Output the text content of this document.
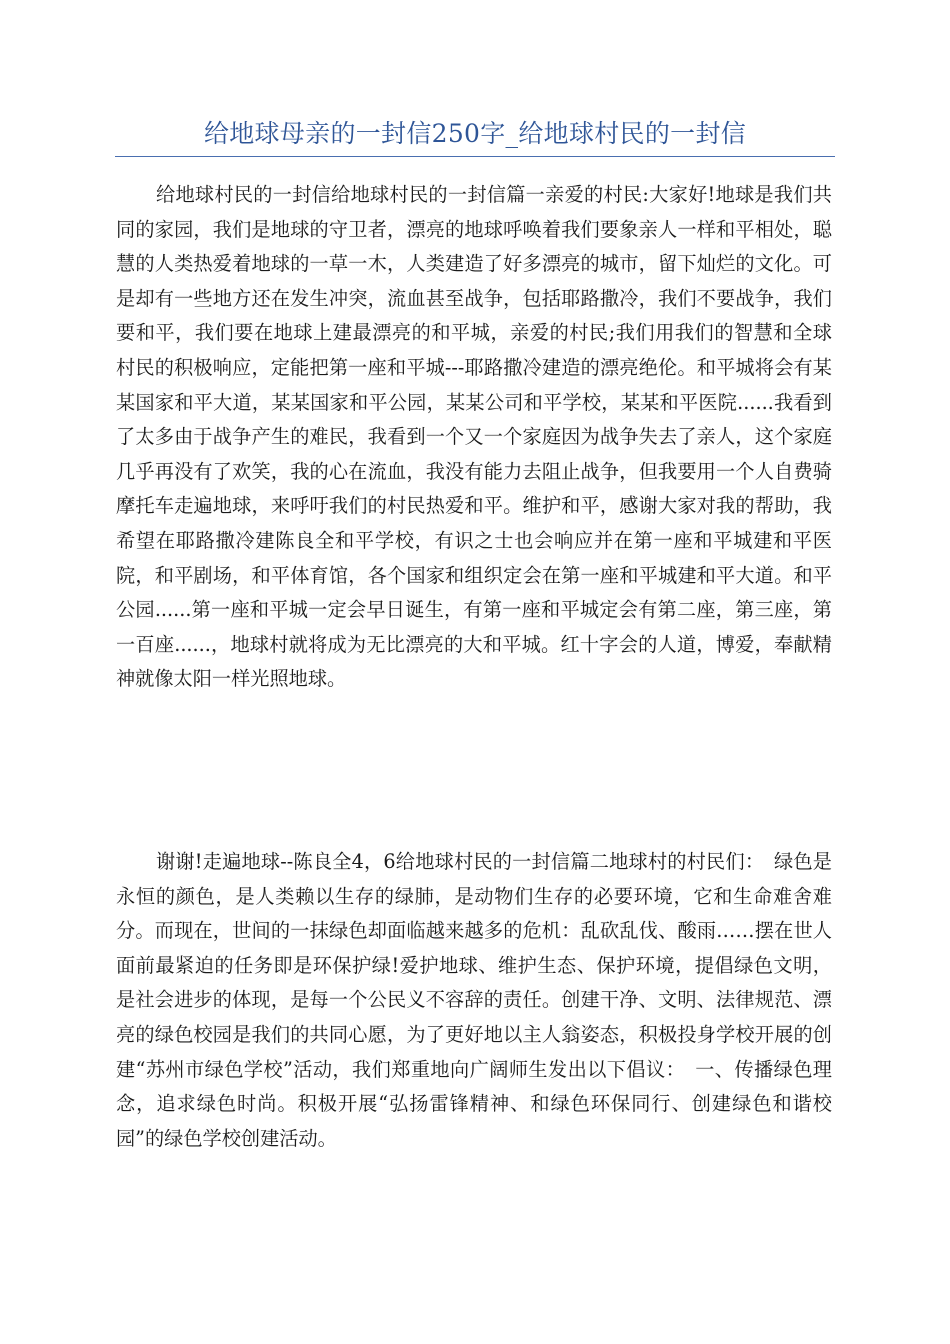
给地球母亲的一封信250字_给地球村民的一封信

给地球村民的一封信给地球村民的一封信篇一亲爱的村民:大家好!地球是我们共同的家园，我们是地球的守卫者，漂亮的地球呼唤着我们要象亲人一样和平相处，聪慧的人类热爱着地球的一草一木，人类建造了好多漂亮的城市，留下灿烂的文化。可是却有一些地方还在发生冲突，流血甚至战争，包括耶路撒冷，我们不要战争，我们要和平，我们要在地球上建最漂亮的和平城，亲爱的村民;我们用我们的智慧和全球村民的积极响应，定能把第一座和平城---耶路撒冷建造的漂亮绝伦。和平城将会有某某国家和平大道，某某国家和平公园，某某公司和平学校，某某和平医院......我看到了太多由于战争产生的难民，我看到一个又一个家庭因为战争失去了亲人，这个家庭几乎再没有了欢笑，我的心在流血，我没有能力去阻止战争，但我要用一个人自费骑摩托车走遍地球，来呼吁我们的村民热爱和平。维护和平，感谢大家对我的帮助，我希望在耶路撒冷建陈良全和平学校，有识之士也会响应并在第一座和平城建和平医院，和平剧场，和平体育馆，各个国家和组织定会在第一座和平城建和平大道。和平公园......第一座和平城一定会早日诞生，有第一座和平城定会有第二座，第三座，第一百座......，地球村就将成为无比漂亮的大和平城。红十字会的人道，博爱，奉献精神就像太阳一样光照地球。

谢谢!走遍地球--陈良全4，6给地球村民的一封信篇二地球村的村民们：　绿色是永恒的颜色，是人类赖以生存的绿肺，是动物们生存的必要环境，它和生命难舍难分。而现在，世间的一抹绿色却面临越来越多的危机：乱砍乱伐、酸雨……摆在世人面前最紧迫的任务即是环保护绿!爱护地球、维护生态、保护环境，提倡绿色文明，是社会进步的体现，是每一个公民义不容辞的责任。创建干净、文明、法律规范、漂亮的绿色校园是我们的共同心愿，为了更好地以主人翁姿态，积极投身学校开展的创建“苏州市绿色学校”活动，我们郑重地向广阔师生发出以下倡议：　一、传播绿色理念，追求绿色时尚。积极开展“弘扬雷锋精神、和绿色环保同行、创建绿色和谐校园”的绿色学校创建活动。
